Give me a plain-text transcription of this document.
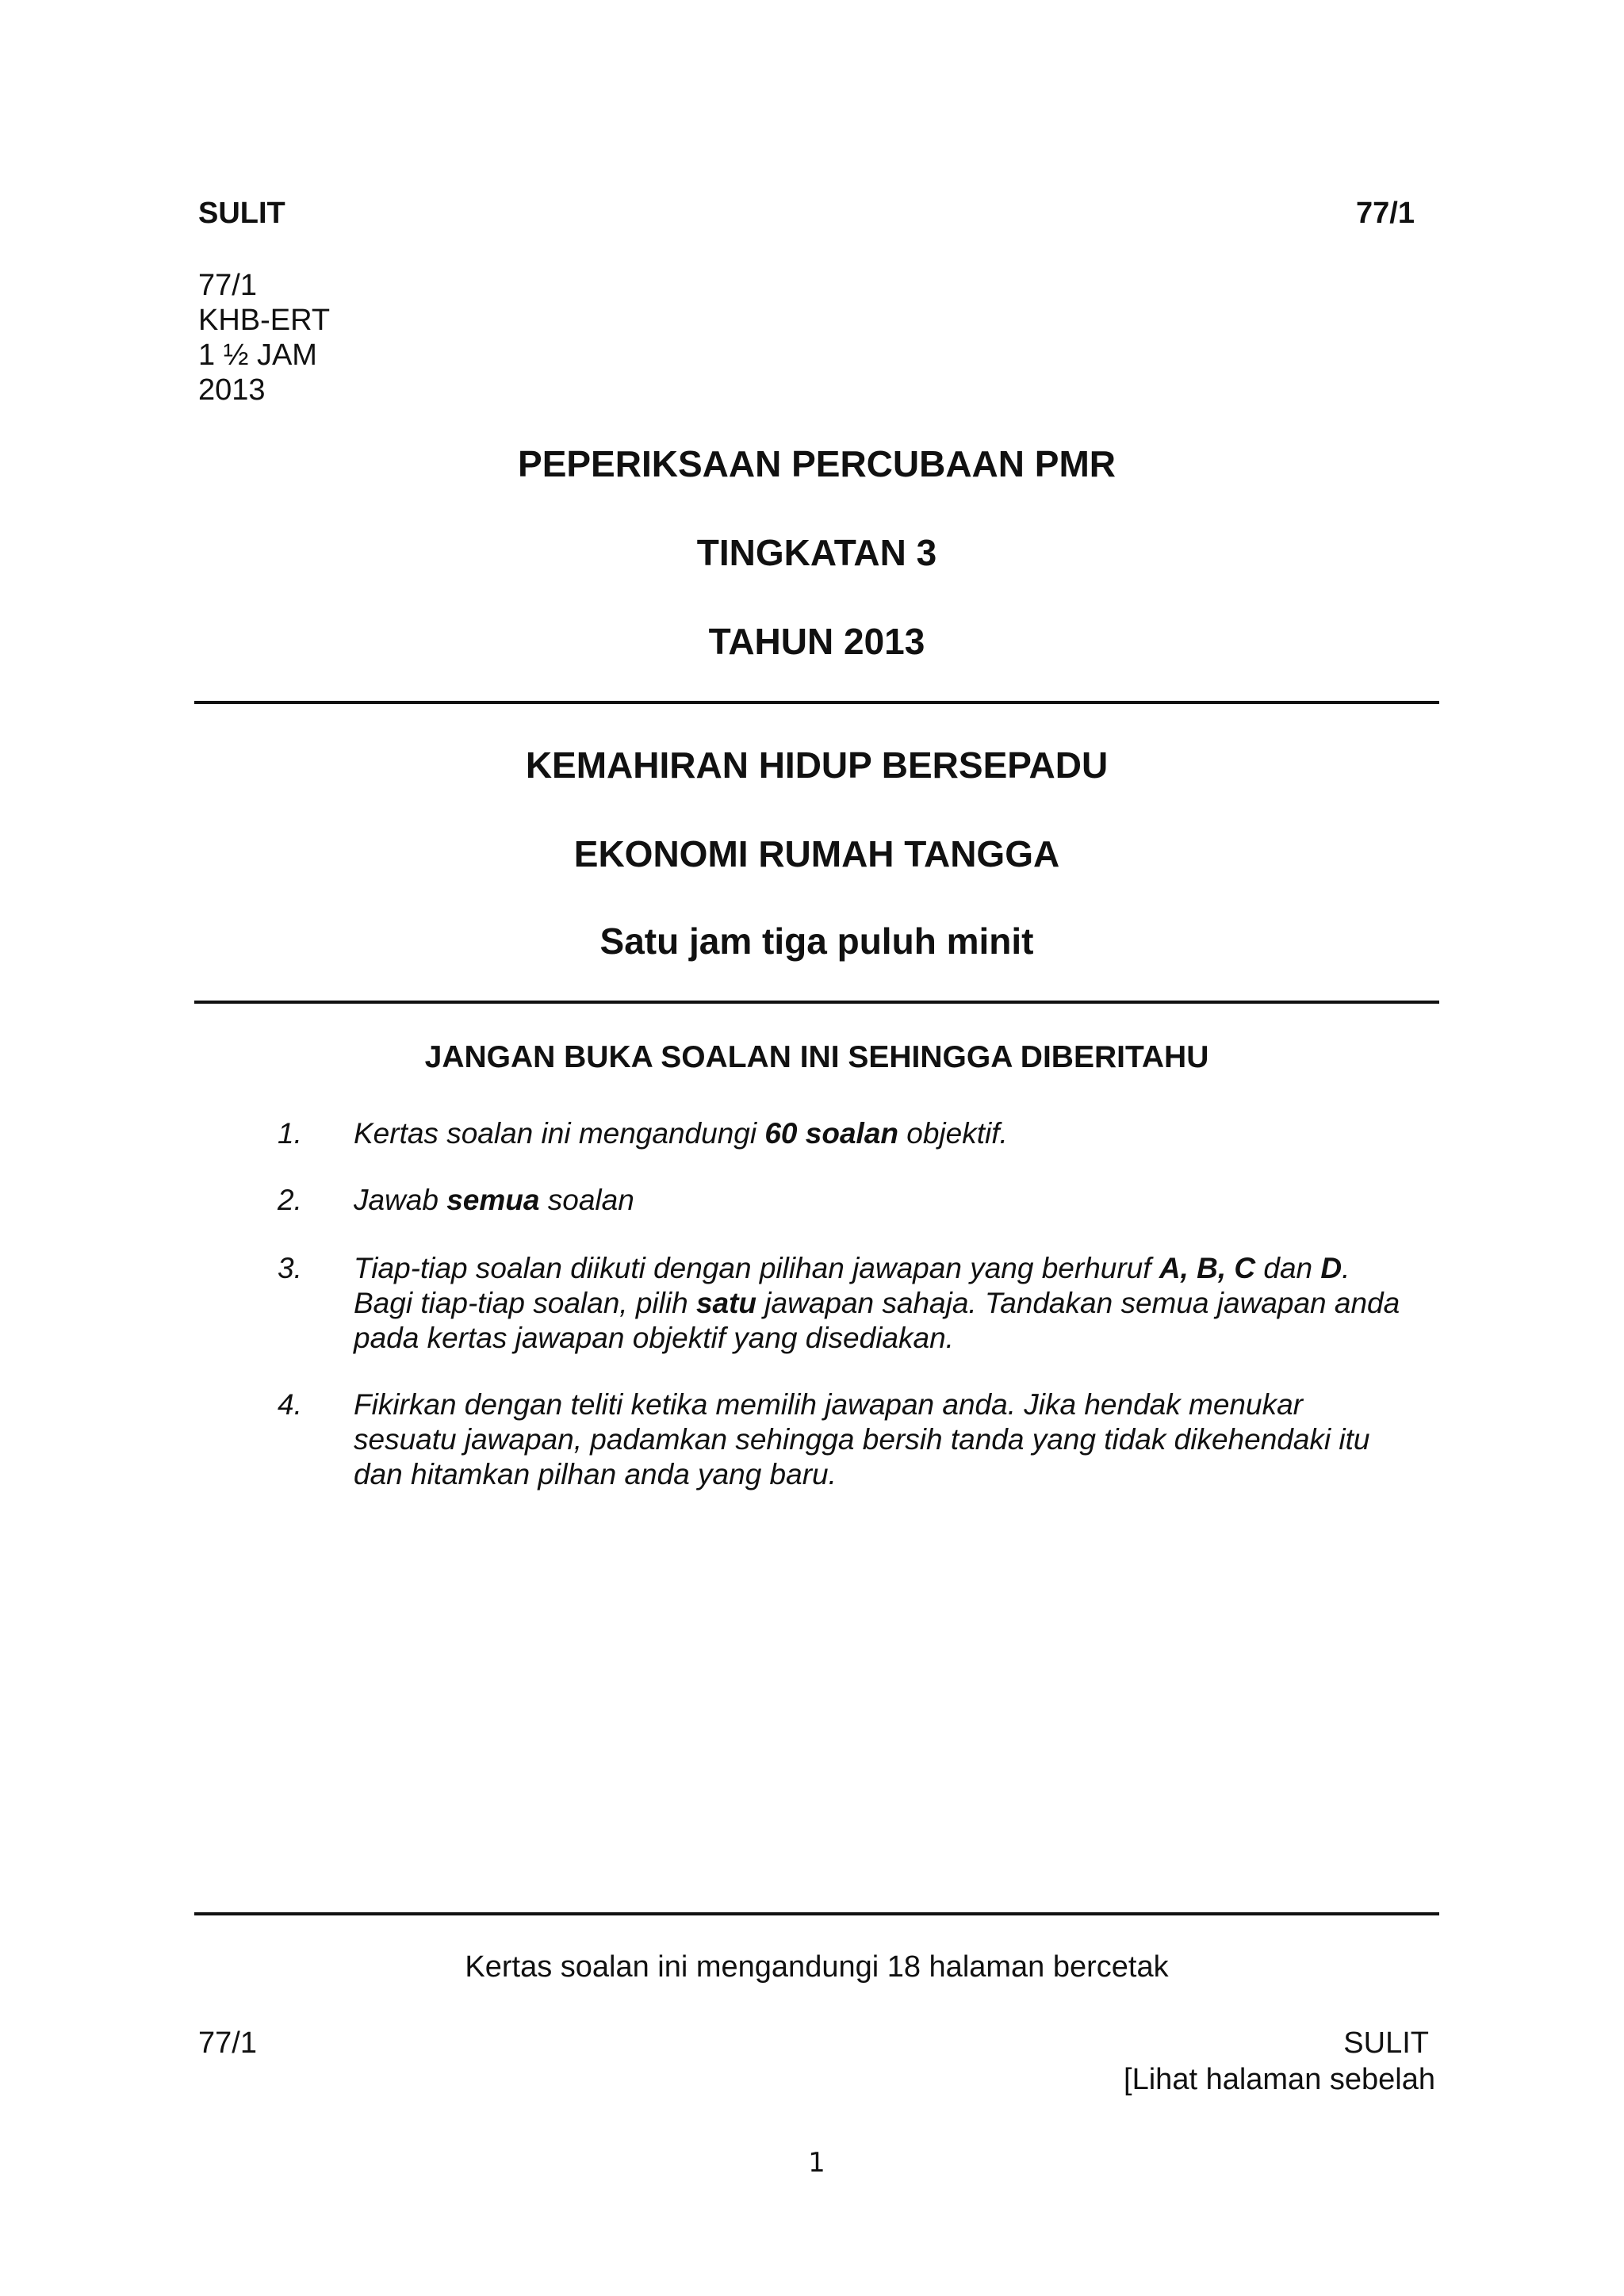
SULIT	77/1
77/1
KHB-ERT
1 ½ JAM
2013
PEPERIKSAAN PERCUBAAN PMR
TINGKATAN 3
TAHUN 2013
KEMAHIRAN HIDUP BERSEPADU
EKONOMI RUMAH TANGGA
Satu jam tiga puluh minit
JANGAN BUKA SOALAN INI SEHINGGA DIBERITAHU
1. Kertas soalan ini mengandungi 60 soalan objektif.
2. Jawab semua soalan
3. Tiap-tiap soalan diikuti dengan pilihan jawapan yang berhuruf A, B, C dan D.
Bagi tiap-tiap soalan, pilih satu jawapan sahaja. Tandakan semua jawapan anda
pada kertas jawapan objektif yang disediakan.
4. Fikirkan dengan teliti ketika memilih jawapan anda. Jika hendak menukar
sesuatu jawapan, padamkan sehingga bersih tanda yang tidak dikehendaki itu
dan hitamkan pilhan anda yang baru.
Kertas soalan ini mengandungi 18 halaman bercetak
77/1	SULIT
[Lihat halaman sebelah
1
